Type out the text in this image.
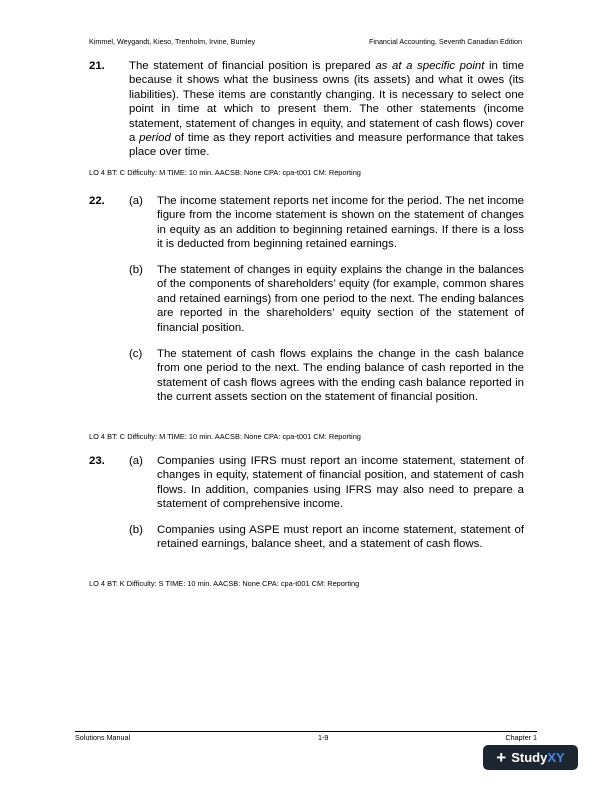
Kimmel, Weygandt, Kieso, Trenholm, Irvine, Burnley	Financial Accounting, Seventh Canadian Edition
21. The statement of financial position is prepared as at a specific point in time because it shows what the business owns (its assets) and what it owes (its liabilities). These items are constantly changing. It is necessary to select one point in time at which to present them. The other statements (income statement, statement of changes in equity, and statement of cash flows) cover a period of time as they report activities and measure performance that takes place over time.
LO 4 BT: C Difficulty: M TIME: 10 min. AACSB: None CPA: cpa-t001 CM: Reporting
22. (a) The income statement reports net income for the period. The net income figure from the income statement is shown on the statement of changes in equity as an addition to beginning retained earnings. If there is a loss it is deducted from beginning retained earnings.
(b) The statement of changes in equity explains the change in the balances of the components of shareholders’ equity (for example, common shares and retained earnings) from one period to the next. The ending balances are reported in the shareholders’ equity section of the statement of financial position.
(c) The statement of cash flows explains the change in the cash balance from one period to the next. The ending balance of cash reported in the statement of cash flows agrees with the ending cash balance reported in the current assets section on the statement of financial position.
LO 4 BT: C Difficulty: M TIME: 10 min. AACSB: None CPA: cpa-t001 CM: Reporting
23. (a) Companies using IFRS must report an income statement, statement of changes in equity, statement of financial position, and statement of cash flows. In addition, companies using IFRS may also need to prepare a statement of comprehensive income.
(b) Companies using ASPE must report an income statement, statement of retained earnings, balance sheet, and a statement of cash flows.
LO 4 BT: K Difficulty: S TIME: 10 min. AACSB: None CPA: cpa-t001 CM: Reporting
Solutions Manual	1-9	Chapter 1
+ StudyXY
